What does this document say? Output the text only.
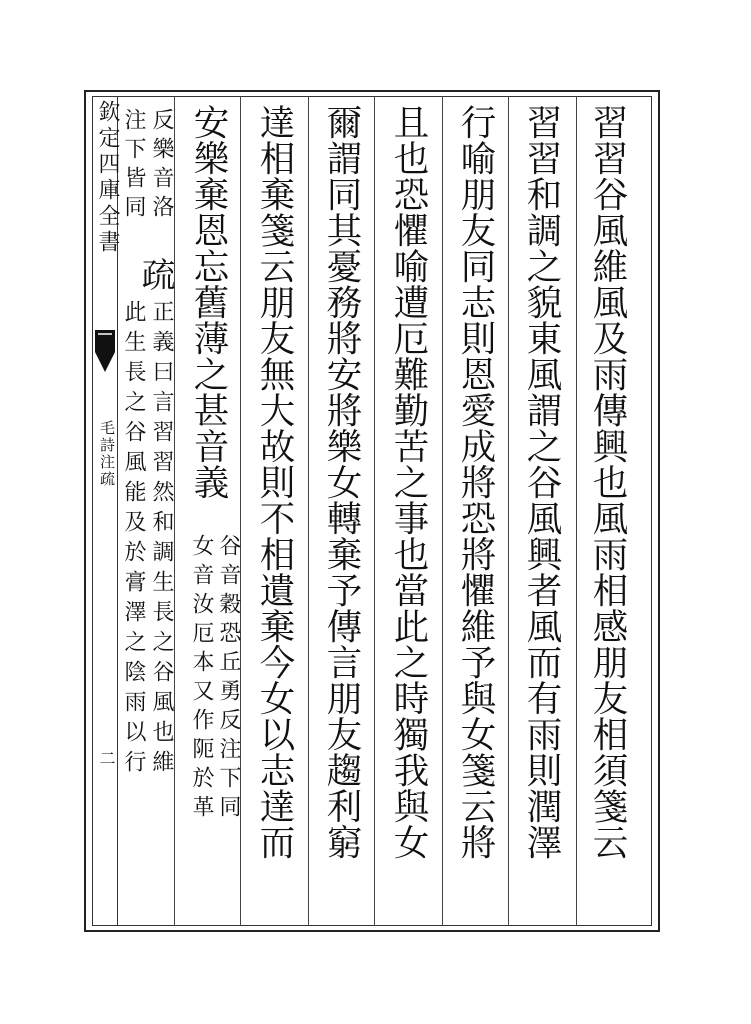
欽定四庫全書
毛詩注疏
二	習習谷風維風及雨傳興也風雨相感朋友相須箋云
習習和調之貌東風謂之谷風興者風而有雨則潤澤
行喻朋友同志則恩愛成將恐將懼維予與女箋云將
且也恐懼喻遭厄難勤苦之事也當此之時獨我與女
爾謂同其憂務將安將樂女轉棄予傳言朋友趨利窮
達相棄箋云朋友無大故則不相遺棄今女以志達而
安樂棄恩忘舊薄之甚音義
谷音穀恐丘勇反注下同
女音汝厄本又作阨於革
反樂音洛
注下皆同
疏
正義曰言習習然和調生長之谷風也維
此生長之谷風能及於膏澤之陰雨以行
